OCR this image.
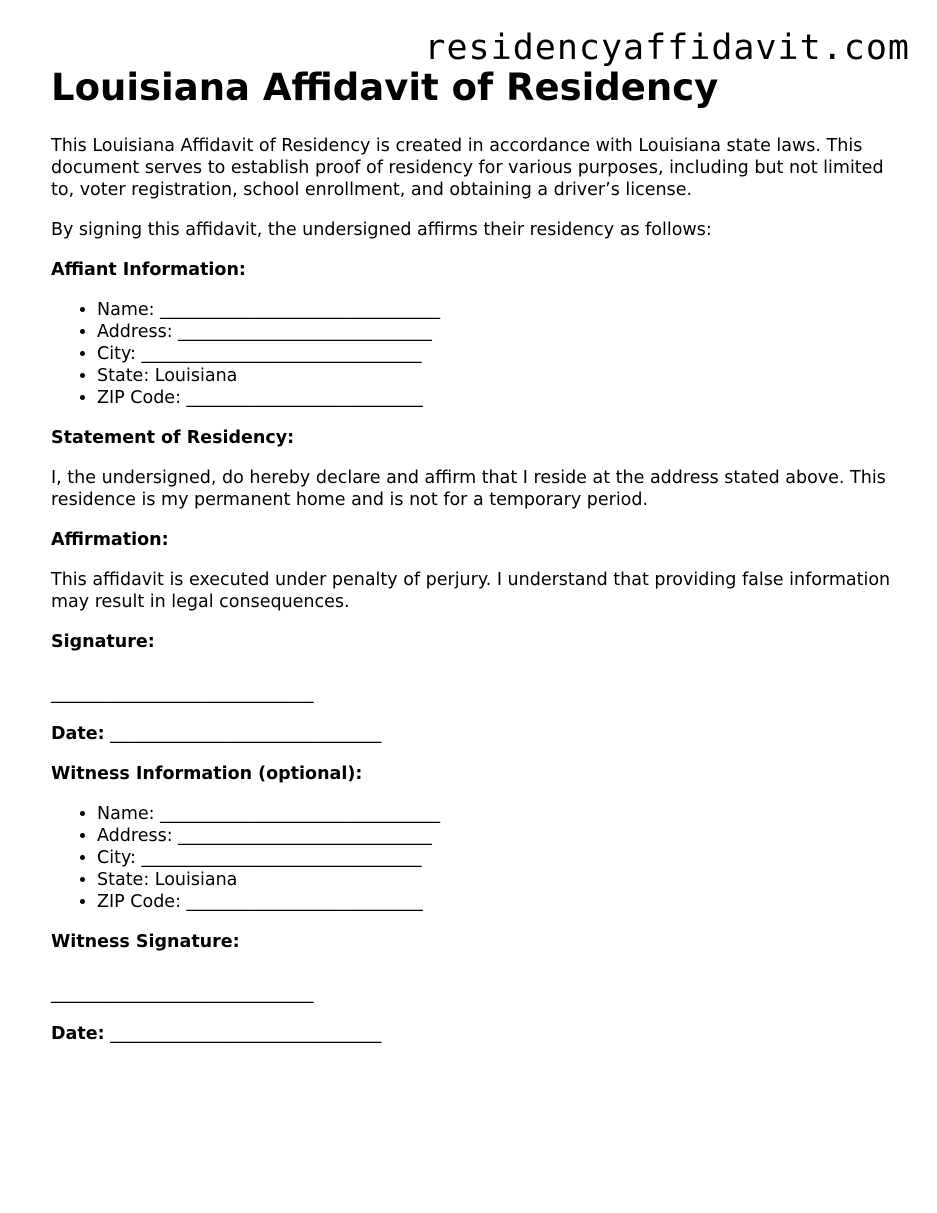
residencyaffidavit.com
Louisiana Affidavit of Residency

This Louisiana Affidavit of Residency is created in accordance with Louisiana state laws. This document serves to establish proof of residency for various purposes, including but not limited to, voter registration, school enrollment, and obtaining a driver’s license.

By signing this affidavit, the undersigned affirms their residency as follows:

Affiant Information:

• Name: ________________________________
• Address: _____________________________
• City: ________________________________
• State: Louisiana
• ZIP Code: ___________________________

Statement of Residency:

I, the undersigned, do hereby declare and affirm that I reside at the address stated above. This residence is my permanent home and is not for a temporary period.

Affirmation:

This affidavit is executed under penalty of perjury. I understand that providing false information may result in legal consequences.

Signature:

______________________________

Date: _______________________________

Witness Information (optional):

• Name: ________________________________
• Address: _____________________________
• City: ________________________________
• State: Louisiana
• ZIP Code: ___________________________

Witness Signature:

______________________________

Date: _______________________________
